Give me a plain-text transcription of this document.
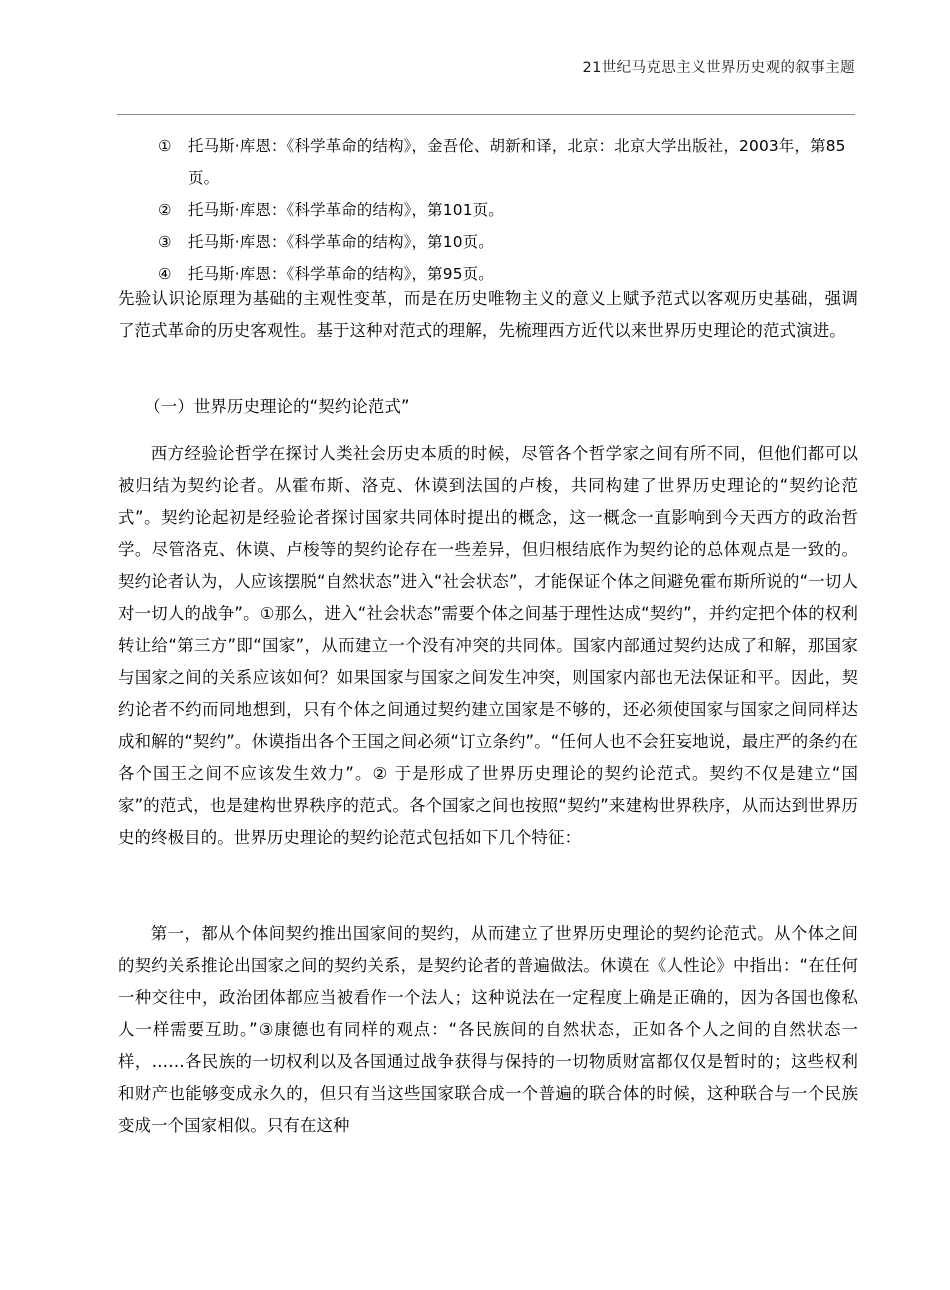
21世纪马克思主义世界历史观的叙事主题
①	托马斯·库恩：《科学革命的结构》，金吾伦、胡新和译，北京：北京大学出版社，2003年，第85页。
②	托马斯·库恩：《科学革命的结构》，第101页。
③	托马斯·库恩：《科学革命的结构》，第10页。
④	托马斯·库恩：《科学革命的结构》，第95页。

先验认识论原理为基础的主观性变革，而是在历史唯物主义的意义上赋予范式以客观历史基础，强调了范式革命的历史客观性。基于这种对范式的理解，先梳理西方近代以来世界历史理论的范式演进。

（一）世界历史理论的“契约论范式”

西方经验论哲学在探讨人类社会历史本质的时候，尽管各个哲学家之间有所不同，但他们都可以被归结为契约论者。从霍布斯、洛克、休谟到法国的卢梭，共同构建了世界历史理论的“契约论范式”。契约论起初是经验论者探讨国家共同体时提出的概念，这一概念一直影响到今天西方的政治哲学。尽管洛克、休谟、卢梭等的契约论存在一些差异，但归根结底作为契约论的总体观点是一致的。契约论者认为，人应该摆脱“自然状态”进入“社会状态”，才能保证个体之间避免霍布斯所说的“一切人对一切人的战争”。①那么，进入“社会状态”需要个体之间基于理性达成“契约”，并约定把个体的权利转让给“第三方”即“国家”，从而建立一个没有冲突的共同体。国家内部通过契约达成了和解，那国家与国家之间的关系应该如何？如果国家与国家之间发生冲突，则国家内部也无法保证和平。因此，契约论者不约而同地想到，只有个体之间通过契约建立国家是不够的，还必须使国家与国家之间同样达成和解的“契约”。休谟指出各个王国之间必须“订立条约”。“任何人也不会狂妄地说，最庄严的条约在各个国王之间不应该发生效力”。② 于是形成了世界历史理论的契约论范式。契约不仅是建立“国家”的范式，也是建构世界秩序的范式。各个国家之间也按照“契约”来建构世界秩序，从而达到世界历史的终极目的。世界历史理论的契约论范式包括如下几个特征：

第一，都从个体间契约推出国家间的契约，从而建立了世界历史理论的契约论范式。从个体之间的契约关系推论出国家之间的契约关系，是契约论者的普遍做法。休谟在《人性论》中指出：“在任何一种交往中，政治团体都应当被看作一个法人；这种说法在一定程度上确是正确的，因为各国也像私人一样需要互助。”③康德也有同样的观点：“各民族间的自然状态，正如各个人之间的自然状态一样，……各民族的一切权利以及各国通过战争获得与保持的一切物质财富都仅仅是暂时的；这些权利和财产也能够变成永久的，但只有当这些国家联合成一个普遍的联合体的时候，这种联合与一个民族变成一个国家相似。只有在这种
